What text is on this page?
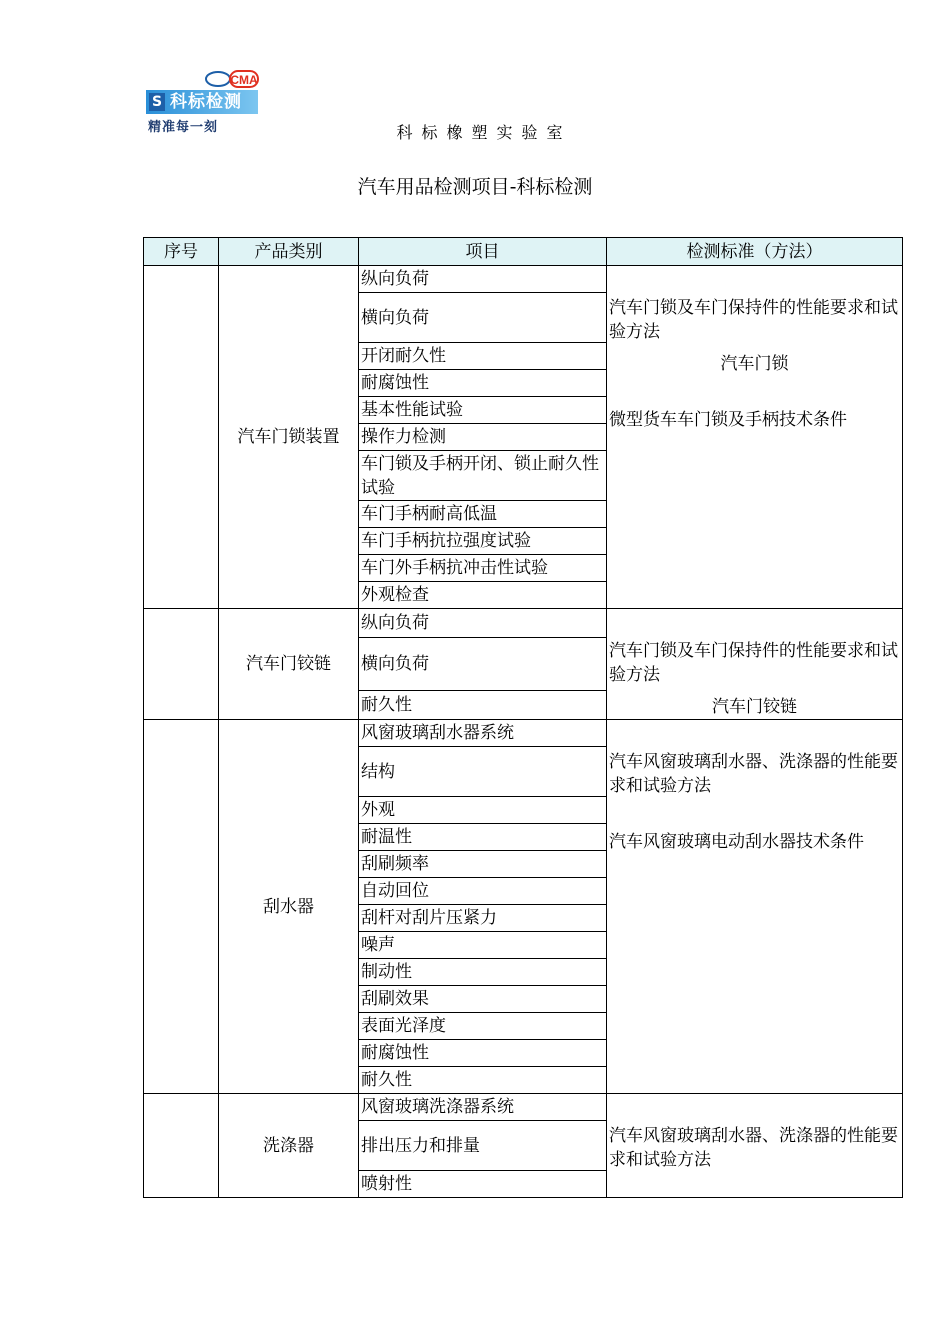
CMA
S 科标检测
精准每一刻	科标橡塑实验室
汽车用品检测项目-科标检测
序号	产品类别	项目	检测标准（方法）
	汽车门锁装置	纵向负荷	汽车门锁及车门保持件的性能要求和试验方法
汽车门锁
微型货车车门锁及手柄技术条件

		横向负荷	
		开闭耐久性	
		耐腐蚀性	
		基本性能试验	
		操作力检测	
		车门锁及手柄开闭、锁止耐久性试验	
		车门手柄耐高低温	
		车门手柄抗拉强度试验	
		车门外手柄抗冲击性试验	
		外观检查	
	汽车门铰链	纵向负荷	汽车门锁及车门保持件的性能要求和试验方法
汽车门铰链

		横向负荷	
		耐久性	
	刮水器	风窗玻璃刮水器系统	汽车风窗玻璃刮水器、洗涤器的性能要求和试验方法
汽车风窗玻璃电动刮水器技术条件

		结构	
		外观	
		耐温性	
		刮刷频率	
		自动回位	
		刮杆对刮片压紧力	
		噪声	
		制动性	
		刮刷效果	
		表面光泽度	
		耐腐蚀性	
		耐久性	
	洗涤器	风窗玻璃洗涤器系统	汽车风窗玻璃刮水器、洗涤器的性能要求和试验方法

		排出压力和排量	
		喷射性	
